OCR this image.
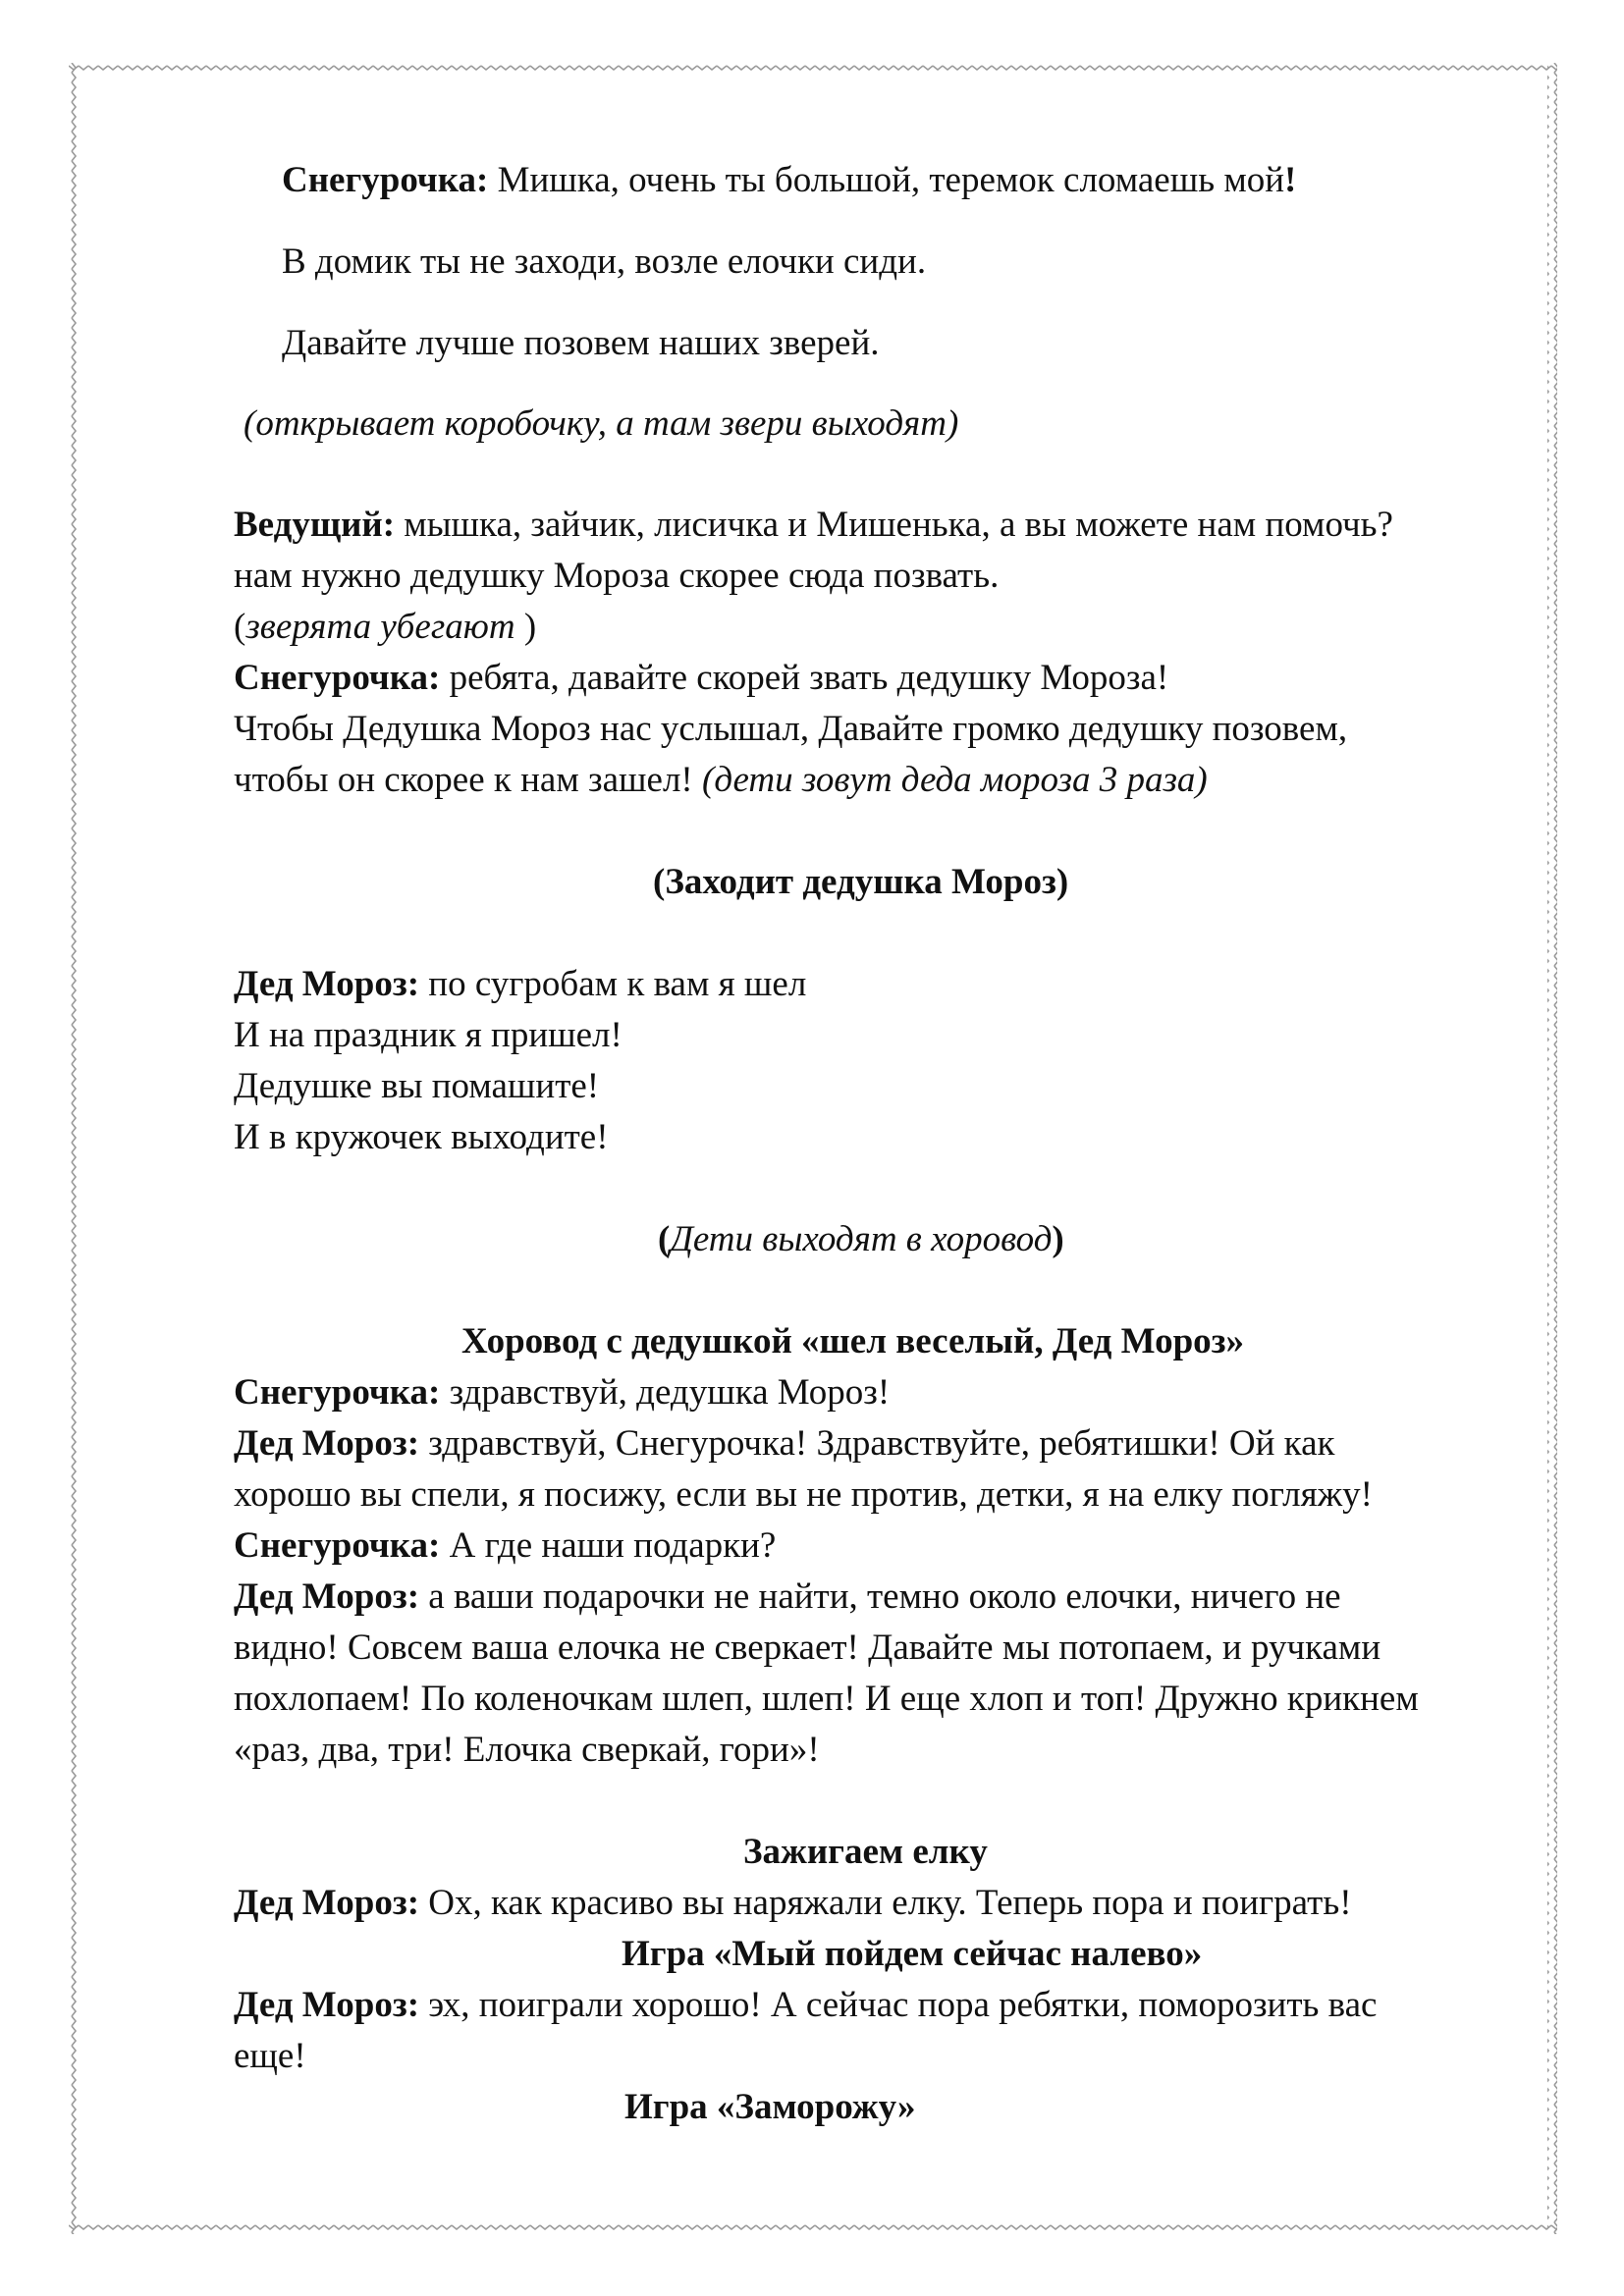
Снегурочка: Мишка, очень ты большой, теремок сломаешь мой!
В домик ты не заходи, возле елочки сиди.
Давайте лучше позовем наших зверей.
(открывает коробочку, а там звери выходят)
Ведущий: мышка, зайчик, лисичка и Мишенька, а вы можете нам помочь?
нам нужно дедушку Мороза скорее сюда позвать.
(зверята убегают )
Снегурочка: ребята, давайте скорей звать дедушку Мороза!
Чтобы Дедушка Мороз нас услышал, Давайте громко дедушку позовем,
чтобы он скорее к нам зашел! (дети зовут деда мороза 3 раза)
(Заходит дедушка Мороз)
Дед Мороз: по сугробам к вам я шел
И на праздник я пришел!
Дедушке вы помашите!
И в кружочек выходите!
(Дети выходят в хоровод)
Хоровод с дедушкой «шел веселый, Дед Мороз»
Снегурочка: здравствуй, дедушка Мороз!
Дед Мороз: здравствуй, Снегурочка! Здравствуйте, ребятишки! Ой как
хорошо вы спели, я посижу, если вы не против, детки, я на елку погляжу!
Снегурочка: А где наши подарки?
Дед Мороз: а ваши подарочки не найти, темно около елочки, ничего не
видно! Совсем ваша елочка не сверкает! Давайте мы потопаем, и ручками
похлопаем! По коленочкам шлеп, шлеп! И еще хлоп и топ! Дружно крикнем
«раз, два, три! Елочка сверкай, гори»!
Зажигаем елку
Дед Мороз: Ох, как красиво вы наряжали елку. Теперь пора и поиграть!
Игра «Мый пойдем сейчас налево»
Дед Мороз: эх, поиграли хорошо! А сейчас пора ребятки, поморозить вас
еще!
Игра «Заморожу»
